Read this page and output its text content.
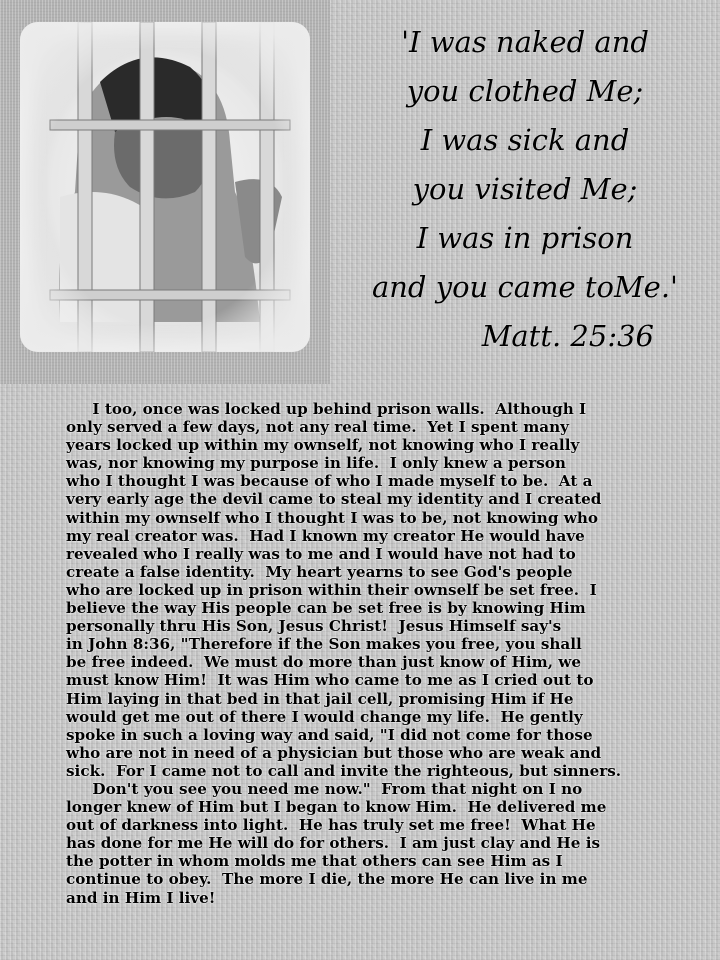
'I was naked and
you clothed Me;
I was sick and
you visited Me;
I was in prison
and you came toMe.'
Matt. 25:36
I too, once was locked up behind prison walls.  Although I
only served a few days, not any real time.  Yet I spent many
years locked up within my ownself, not knowing who I really
was, nor knowing my purpose in life.  I only knew a person
who I thought I was because of who I made myself to be.  At a
very early age the devil came to steal my identity and I created
within my ownself who I thought I was to be, not knowing who
my real creator was.  Had I known my creator He would have
revealed who I really was to me and I would have not had to
create a false identity.  My heart yearns to see God's people
who are locked up in prison within their ownself be set free.  I
believe the way His people can be set free is by knowing Him
personally thru His Son, Jesus Christ!  Jesus Himself say's
in John 8:36, "Therefore if the Son makes you free, you shall
be free indeed.  We must do more than just know of Him, we
must know Him!  It was Him who came to me as I cried out to
Him laying in that bed in that jail cell, promising Him if He
would get me out of there I would change my life.  He gently
spoke in such a loving way and said, "I did not come for those
who are not in need of a physician but those who are weak and
sick.  For I came not to call and invite the righteous, but sinners.
Don't you see you need me now."  From that night on I no
longer knew of Him but I began to know Him.  He delivered me
out of darkness into light.  He has truly set me free!  What He
has done for me He will do for others.  I am just clay and He is
the potter in whom molds me that others can see Him as I
continue to obey.  The more I die, the more He can live in me
and in Him I live!
